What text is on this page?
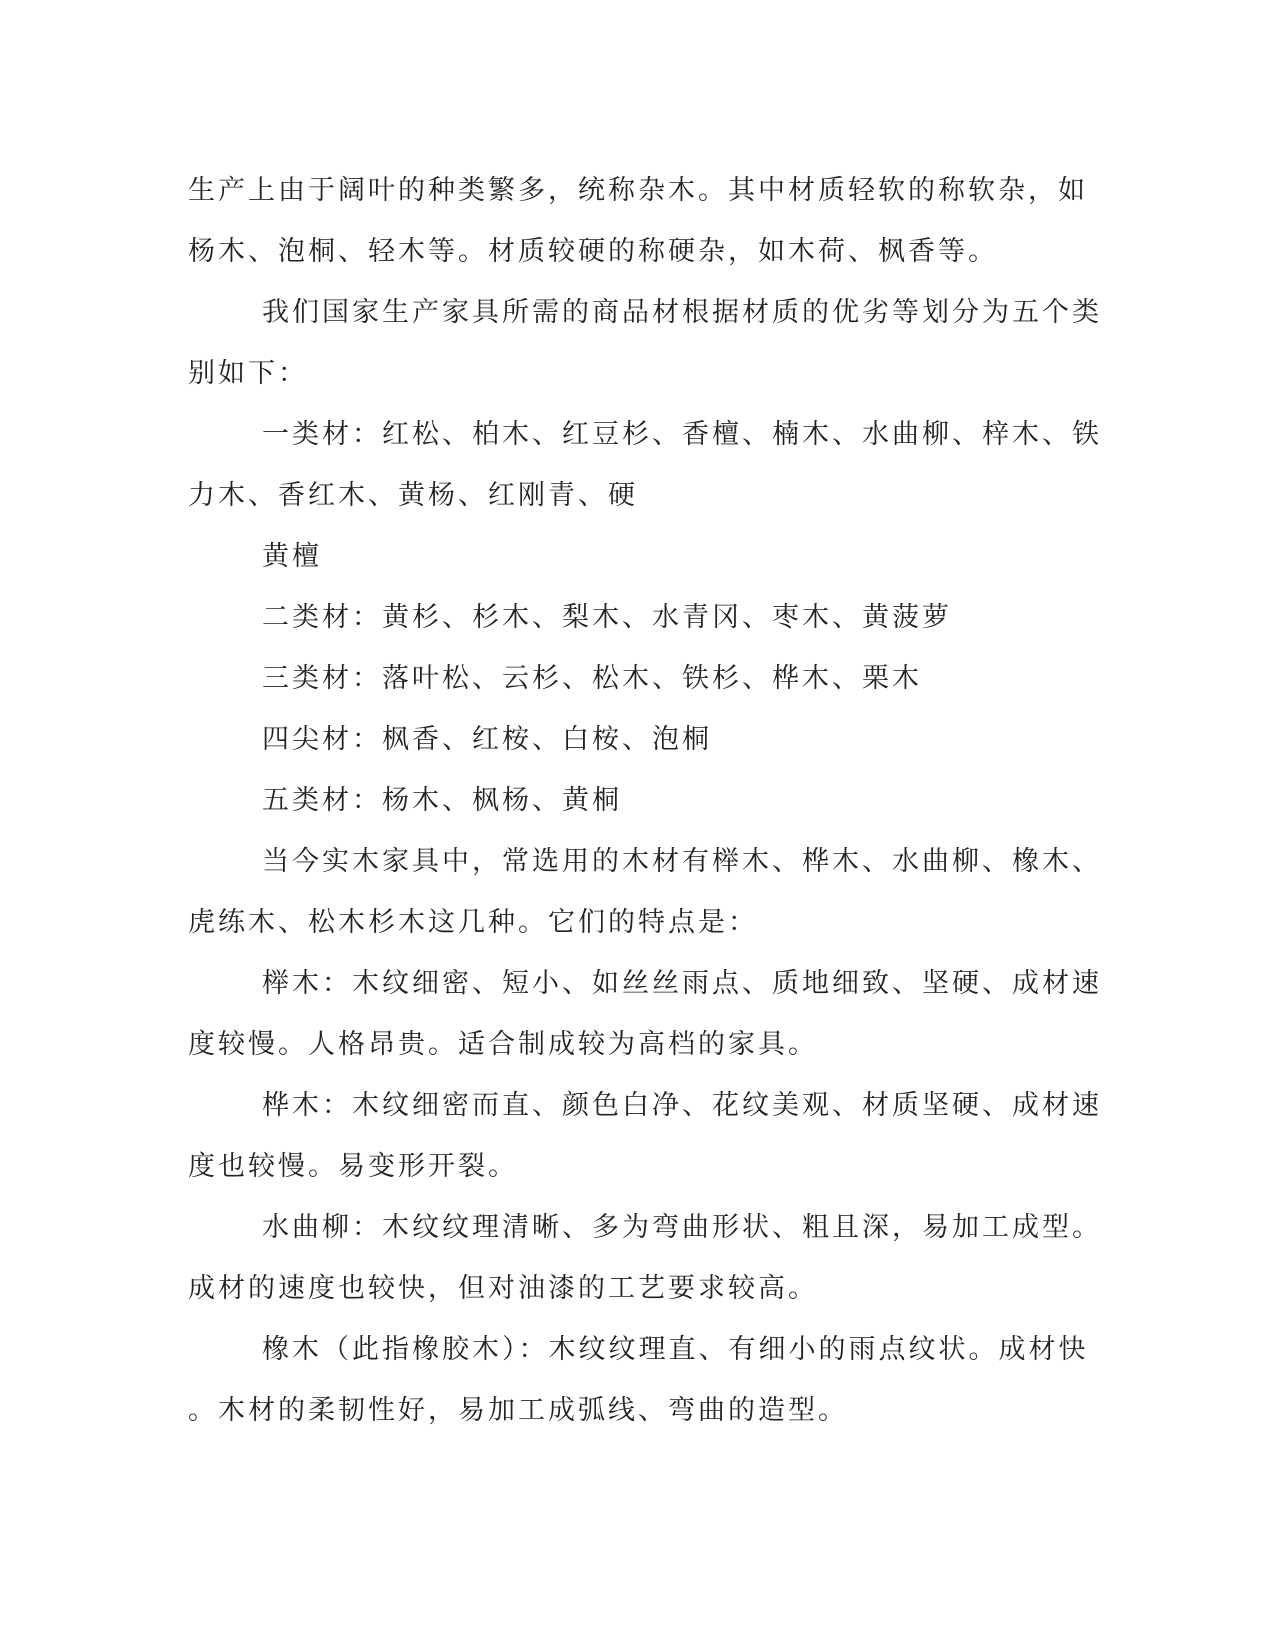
生产上由于阔叶的种类繁多，统称杂木。其中材质轻软的称软杂，如
杨木、泡桐、轻木等。材质较硬的称硬杂，如木荷、枫香等。
我们国家生产家具所需的商品材根据材质的优劣等划分为五个类
别如下：
一类材：红松、柏木、红豆杉、香檀、楠木、水曲柳、梓木、铁
力木、香红木、黄杨、红刚青、硬
黄檀
二类材：黄杉、杉木、梨木、水青冈、枣木、黄菠萝
三类材：落叶松、云杉、松木、铁杉、桦木、栗木
四尖材：枫香、红桉、白桉、泡桐
五类材：杨木、枫杨、黄桐
当今实木家具中，常选用的木材有榉木、桦木、水曲柳、橡木、
虎练木、松木杉木这几种。它们的特点是：
榉木：木纹细密、短小、如丝丝雨点、质地细致、坚硬、成材速
度较慢。人格昂贵。适合制成较为高档的家具。
桦木：木纹细密而直、颜色白净、花纹美观、材质坚硬、成材速
度也较慢。易变形开裂。
水曲柳：木纹纹理清晰、多为弯曲形状、粗且深，易加工成型。
成材的速度也较快，但对油漆的工艺要求较高。
橡木（此指橡胶木）：木纹纹理直、有细小的雨点纹状。成材快
。木材的柔韧性好，易加工成弧线、弯曲的造型。
